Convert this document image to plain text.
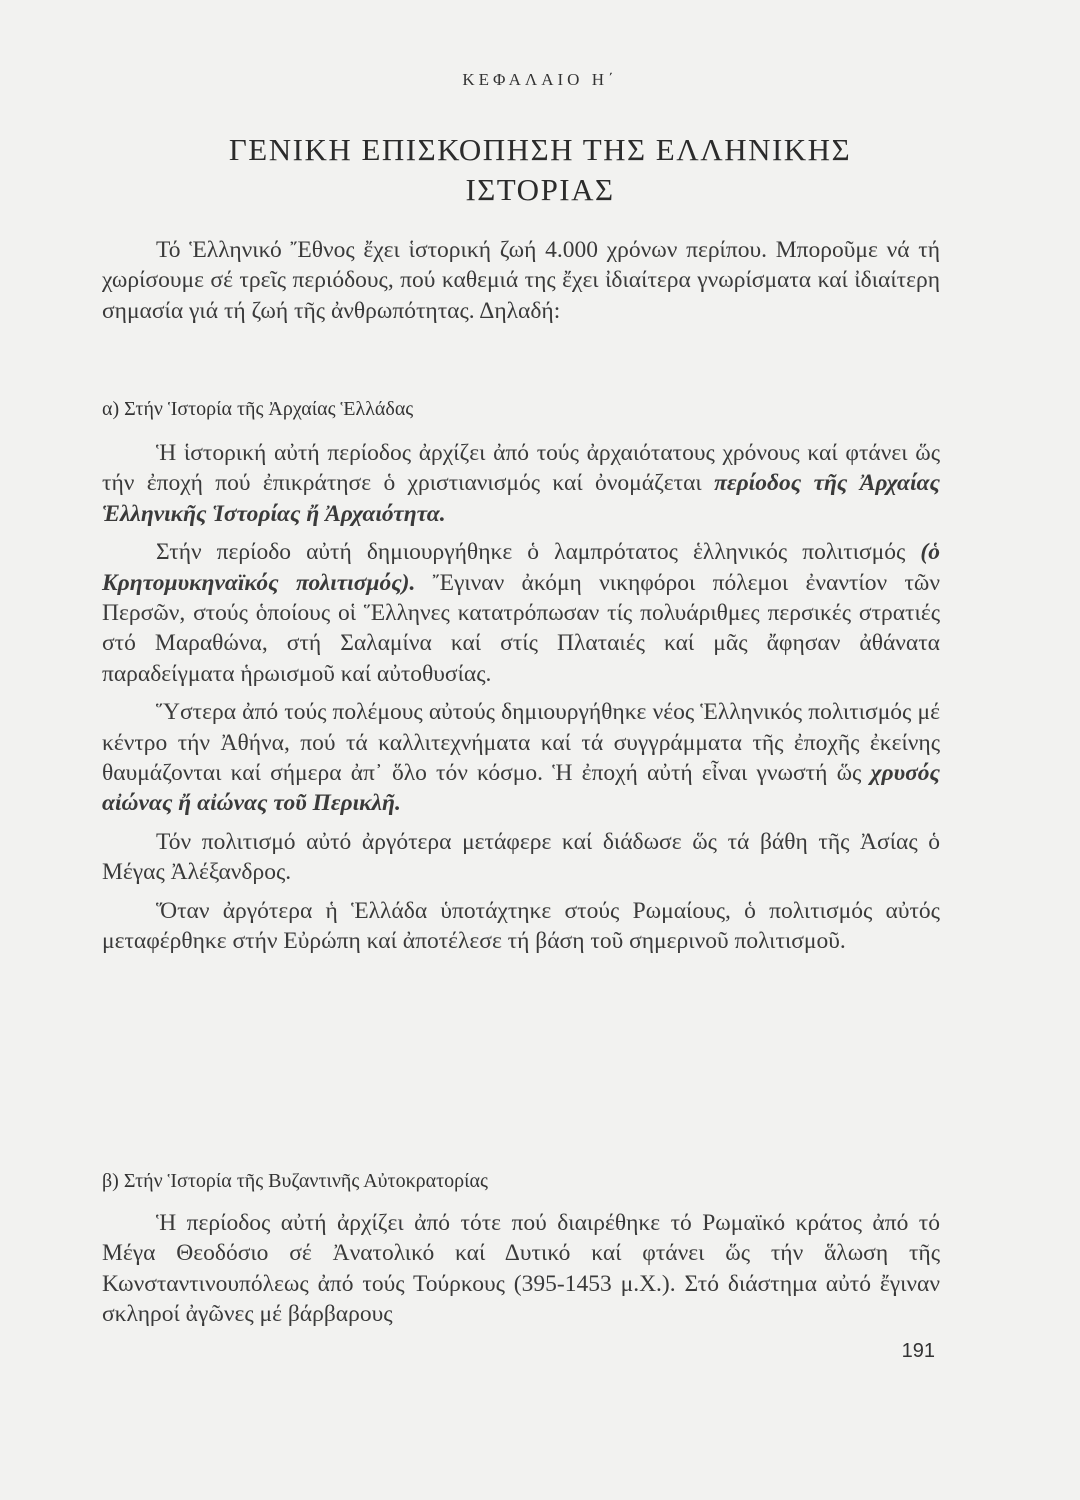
ΚΕΦΑΛΑΙΟ Η΄
ΓΕΝΙΚΗ ΕΠΙΣΚΟΠΗΣΗ ΤΗΣ ΕΛΛΗΝΙΚΗΣ
ΙΣΤΟΡΙΑΣ

Τό Ἑλληνικό Ἔθνος ἔχει ἱστορική ζωή 4.000 χρόνων περίπου. Μποροῦμε νά τή χωρίσουμε σέ τρεῖς περιόδους, πού καθεμιά της ἔχει ἰδιαίτερα γνωρίσματα καί ἰδιαίτερη σημασία γιά τή ζωή τῆς ἀνθρωπότητας. Δηλαδή:

α) Στήν Ἱστορία τῆς Ἀρχαίας Ἑλλάδας

Ἡ ἱστορική αὐτή περίοδος ἀρχίζει ἀπό τούς ἀρχαιότατους χρόνους καί φτάνει ὥς τήν ἐποχή πού ἐπικράτησε ὁ χριστιανισμός καί ὀνομάζεται περίοδος τῆς Ἀρχαίας Ἑλληνικῆς Ἱστορίας ἤ Ἀρχαιότητα.

Στήν περίοδο αὐτή δημιουργήθηκε ὁ λαμπρότατος ἑλληνικός πολιτισμός (ὁ Κρητομυκηναϊκός πολιτισμός). Ἔγιναν ἀκόμη νικηφόροι πόλεμοι ἐναντίον τῶν Περσῶν, στούς ὁποίους οἱ Ἕλληνες κατατρόπωσαν τίς πολυάριθμες περσικές στρατιές στό Μαραθώνα, στή Σαλαμίνα καί στίς Πλαταιές καί μᾶς ἄφησαν ἀθάνατα παραδείγματα ἡρωισμοῦ καί αὐτοθυσίας.

Ὕστερα ἀπό τούς πολέμους αὐτούς δημιουργήθηκε νέος Ἑλληνικός πολιτισμός μέ κέντρο τήν Ἀθήνα, πού τά καλλιτεχνήματα καί τά συγγράμματα τῆς ἐποχῆς ἐκείνης θαυμάζονται καί σήμερα ἀπ᾽ ὅλο τόν κόσμο. Ἡ ἐποχή αὐτή εἶναι γνωστή ὥς χρυσός αἰώνας ἤ αἰώνας τοῦ Περικλῆ.

Τόν πολιτισμό αὐτό ἀργότερα μετάφερε καί διάδωσε ὥς τά βάθη τῆς Ἀσίας ὁ Μέγας Ἀλέξανδρος.

Ὅταν ἀργότερα ἡ Ἑλλάδα ὑποτάχτηκε στούς Ρωμαίους, ὁ πολιτισμός αὐτός μεταφέρθηκε στήν Εὐρώπη καί ἀποτέλεσε τή βάση τοῦ σημερινοῦ πολιτισμοῦ.

β) Στήν Ἱστορία τῆς Βυζαντινῆς Αὐτοκρατορίας

Ἡ περίοδος αὐτή ἀρχίζει ἀπό τότε πού διαιρέθηκε τό Ρωμαϊκό κράτος ἀπό τό Μέγα Θεοδόσιο σέ Ἀνατολικό καί Δυτικό καί φτάνει ὥς τήν ἅλωση τῆς Κωνσταντινουπόλεως ἀπό τούς Τούρκους (395-1453 μ.Χ.). Στό διάστημα αὐτό ἔγιναν σκληροί ἀγῶνες μέ βάρβαρους

191
